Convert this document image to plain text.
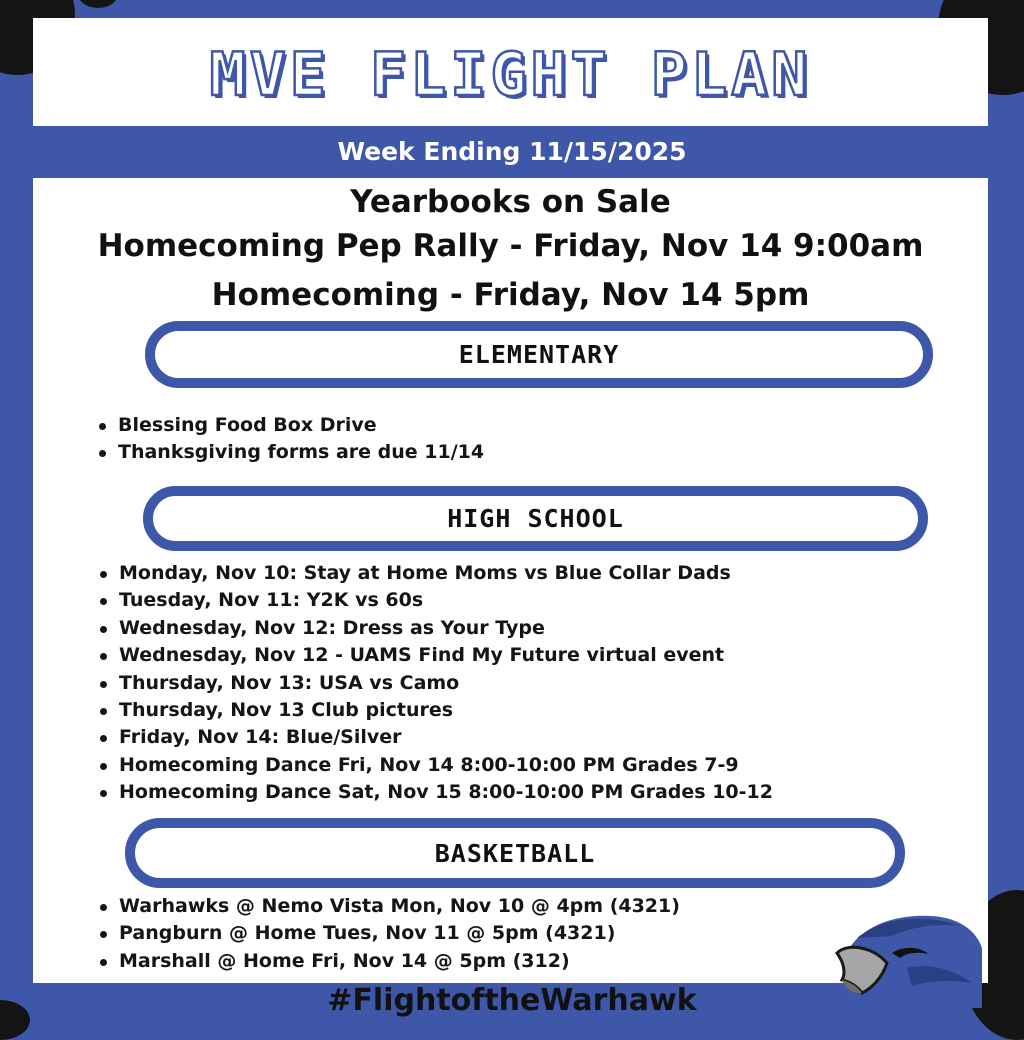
MVE FLIGHT PLAN
Week Ending 11/15/2025
Yearbooks on Sale
Homecoming Pep Rally - Friday, Nov 14 9:00am
Homecoming - Friday, Nov 14 5pm
ELEMENTARY
Blessing Food Box Drive
Thanksgiving forms are due 11/14
HIGH SCHOOL
Monday, Nov 10: Stay at Home Moms vs Blue Collar Dads
Tuesday, Nov 11: Y2K vs 60s
Wednesday, Nov 12: Dress as Your Type
Wednesday, Nov 12 - UAMS Find My Future virtual event
Thursday, Nov 13: USA vs Camo
Thursday, Nov 13 Club pictures
Friday, Nov 14: Blue/Silver
Homecoming Dance Fri, Nov 14 8:00-10:00 PM Grades 7-9
Homecoming Dance Sat, Nov 15 8:00-10:00 PM Grades 10-12
BASKETBALL
Warhawks @ Nemo Vista Mon, Nov 10 @ 4pm (4321)
Pangburn @ Home Tues, Nov 11 @ 5pm (4321)
Marshall @ Home Fri, Nov 14 @ 5pm (312)
#FlightoftheWarhawk
